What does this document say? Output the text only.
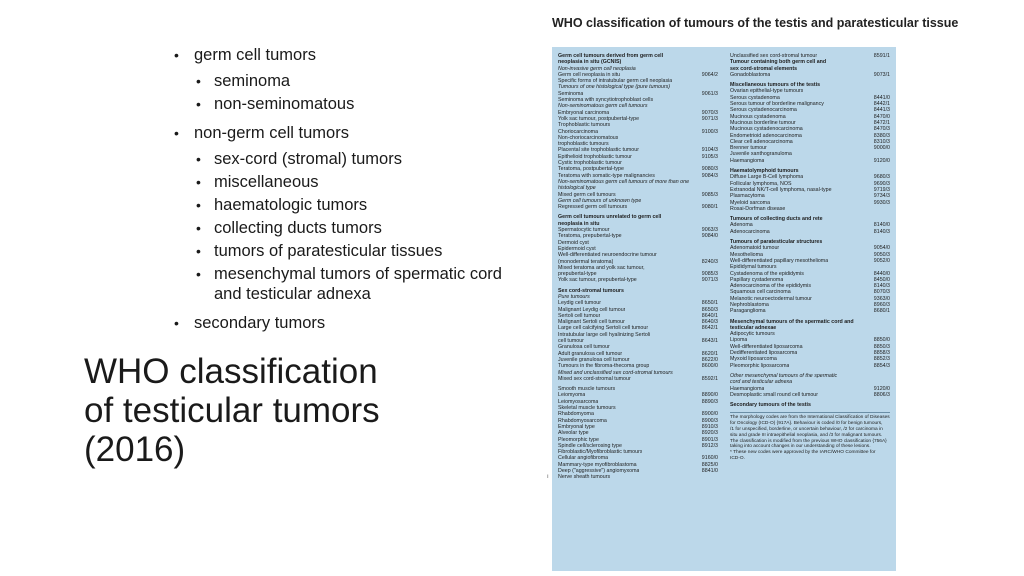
• germ cell tumors
• seminoma
• non-seminomatous
• non-germ cell tumors
• sex-cord (stromal) tumors
• miscellaneous
• haematologic tumors
• collecting ducts tumors
• tumors of paratesticular tissues
• mesenchymal tumors of spermatic cord and testicular adnexa
• secondary tumors
WHO classification of testicular tumors (2016)
WHO classification of tumours of the testis and paratesticular tissue
Germ cell tumours derived from germ cell
neoplasia in situ (GCNIS)
Non-invasive germ cell neoplasia
Germ cell neoplasia in situ	9064/2
Specific forms of intratubular germ cell neoplasia
Tumours of one histological type (pure tumours)
Seminoma	9061/3
Seminoma with syncytiotrophoblast cells
Non-seminomatous germ cell tumours
Embryonal carcinoma	9070/3
Yolk sac tumour, postpubertal-type	9071/3
Trophoblastic tumours
Choriocarcinoma	9100/3
Non-choriocarcinomatous
trophoblastic tumours
Placental site trophoblastic tumour	9104/3
Epithelioid trophoblastic tumour	9105/3
Cystic trophoblastic tumour
Teratoma, postpubertal-type	9080/3
Teratoma with somatic-type malignancies	9084/3
Non-seminomatous germ cell tumours of more than one
histological type
Mixed germ cell tumours	9085/3
Germ cell tumours of unknown type
Regressed germ cell tumours	9080/1
Germ cell tumours unrelated to germ cell
neoplasia in situ
Spermatocytic tumour	9063/3
Teratoma, prepubertal-type	9084/0
Dermoid cyst
Epidermoid cyst
Well-differentiated neuroendocrine tumour
(monodermal teratoma)	8240/3
Mixed teratoma and yolk sac tumour,
prepubertal-type	9085/3
Yolk sac tumour, prepubertal-type	9071/3
Sex cord-stromal tumours
Pure tumours
Leydig cell tumour	8650/1
Malignant Leydig cell tumour	8650/3
Sertoli cell tumour	8640/1
Malignant Sertoli cell tumour	8640/3
Large cell calcifying Sertoli cell tumour	8642/1
Intratubular large cell hyalinizing Sertoli
cell tumour	8643/1
Granulosa cell tumour
Adult granulosa cell tumour	8620/1
Juvenile granulosa cell tumour	8622/0
Tumours in the fibroma-thecoma group	8600/0
Mixed and unclassified sex cord-stromal tumours
Mixed sex cord-stromal tumour	8592/1
Smooth muscle tumours
Leiomyoma	8890/0
Leiomyosarcoma	8890/3
Skeletal muscle tumours
Rhabdomyoma	8900/0
Rhabdomyosarcoma	8900/3
Embryonal type	8910/3
Alveolar type	8920/3
Pleomorphic type	8901/3
Spindle cell/sclerosing type	8912/3
Fibroblastic/Myofibroblastic tumours
Cellular angiofibroma	9160/0
Mammary-type myofibroblastoma	8825/0
Deep ("aggressive") angiomyxoma	8841/0
Nerve sheath tumours
Unclassified sex cord-stromal tumour	8591/1
Tumour containing both germ cell and
sex cord-stromal elements
Gonadoblastoma	9073/1
Miscellaneous tumours of the testis
Ovarian epithelial-type tumours
Serous cystadenoma	8441/0
Serous tumour of borderline malignancy	8442/1
Serous cystadenocarcinoma	8441/3
Mucinous cystadenoma	8470/0
Mucinous borderline tumour	8472/1
Mucinous cystadenocarcinoma	8470/3
Endometrioid adenocarcinoma	8380/3
Clear cell adenocarcinoma	8310/3
Brenner tumour	9000/0
Juvenile xanthogranuloma
Haemangioma	9120/0
Haematolymphoid tumours
Diffuse Large B-Cell lymphoma	9680/3
Follicular lymphoma, NOS	9690/3
Extranodal NK/T-cell lymphoma, nasal-type	9719/3
Plasmacytoma	9734/3
Myeloid sarcoma	9930/3
Rosai-Dorfman disease
Tumours of collecting ducts and rete
Adenoma	8140/0
Adenocarcinoma	8140/3
Tumours of paratesticular structures
Adenomatoid tumour	9054/0
Mesothelioma	9050/3
Well-differentiated papillary mesothelioma	9052/0
Epididymal tumours
Cystadenoma of the epididymis	8440/0
Papillary cystadenoma	8450/0
Adenocarcinoma of the epididymis	8140/3
Squamous cell carcinoma	8070/3
Melanotic neuroectodermal tumour	9363/0
Nephroblastoma	8960/3
Paraganglioma	8680/1
Mesenchymal tumours of the spermatic cord and
testicular adnexae
Adipocytic tumours
Lipoma	8850/0
Well-differentiated liposarcoma	8850/3
Dedifferentiated liposarcoma	8858/3
Myxoid liposarcoma	8852/3
Pleomorphic liposarcoma	8854/3
Other mesenchymal tumours of the spermatic
cord and testicular adnexa
Haemangioma	9120/0
Desmoplastic small round cell tumour	8806/3
Secondary tumours of the testis
The morphology codes are from the International Classification of Diseases
for Oncology (ICD-O) {917A}. Behaviour is coded /0 for benign tumours,
/1 for unspecified, borderline, or uncertain behaviour, /2 for carcinoma in
situ and grade III intraepithelial neoplasia, and /3 for malignant tumours.
The classification is modified from the previous WHO classification {756A}
taking into account changes in our understanding of these lesions.
* These new codes were approved by the IARC/WHO Committee for
ICD-O.
ı
